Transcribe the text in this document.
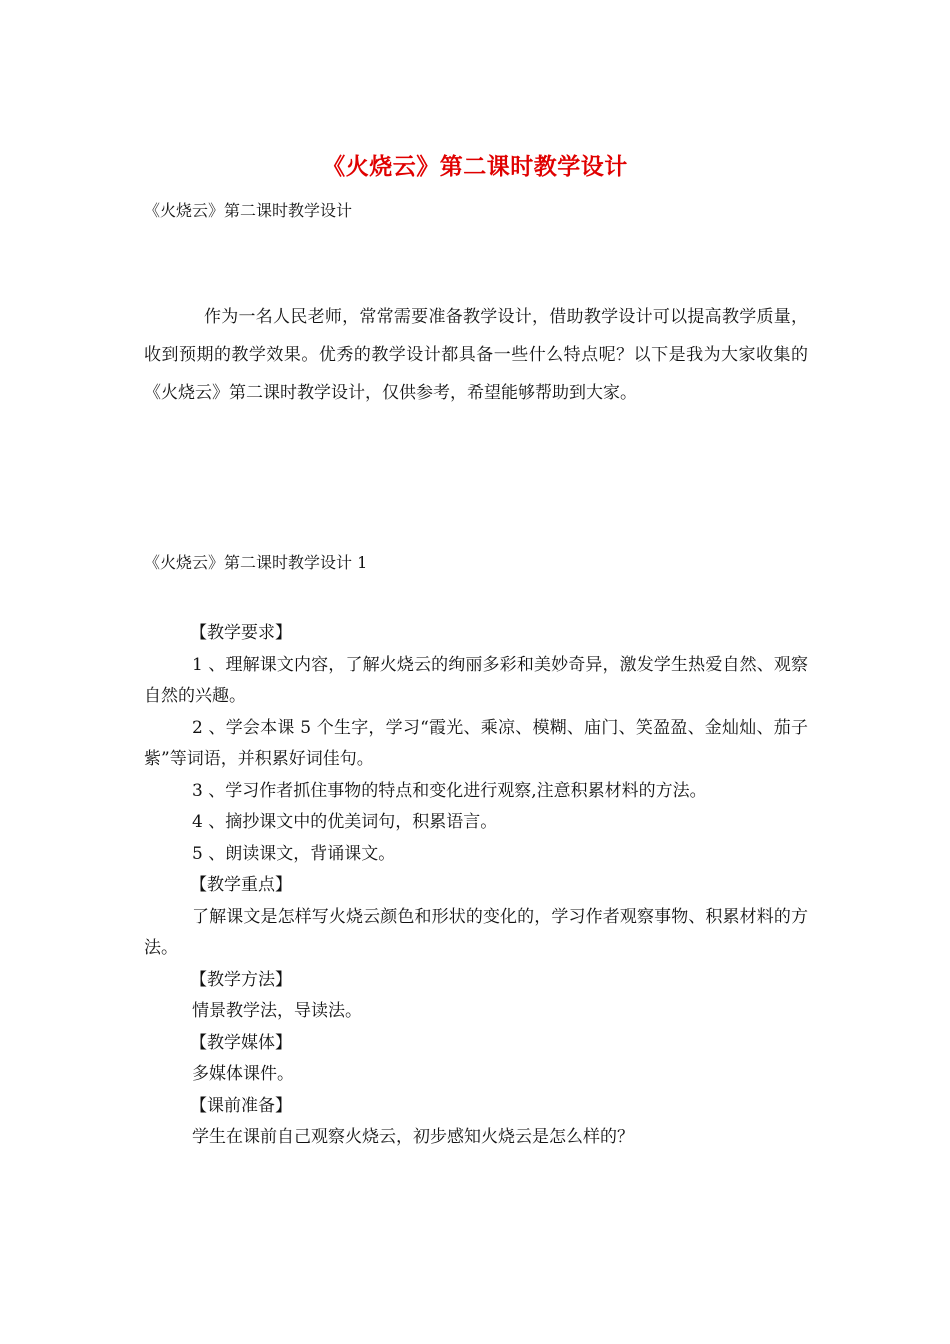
《火烧云》第二课时教学设计
《火烧云》第二课时教学设计

作为一名人民老师，常常需要准备教学设计，借助教学设计可以提高教学质量，收到预期的教学效果。优秀的教学设计都具备一些什么特点呢？以下是我为大家收集的《火烧云》第二课时教学设计，仅供参考，希望能够帮助到大家。

《火烧云》第二课时教学设计 1

【教学要求】

1 、理解课文内容，了解火烧云的绚丽多彩和美妙奇异，激发学生热爱自然、观察自然的兴趣。

2 、学会本课 5 个生字，学习“霞光、乘凉、模糊、庙门、笑盈盈、金灿灿、茄子紫”等词语，并积累好词佳句。

3 、学习作者抓住事物的特点和变化进行观察,注意积累材料的方法。

4 、摘抄课文中的优美词句，积累语言。

5 、朗读课文，背诵课文。

【教学重点】

了解课文是怎样写火烧云颜色和形状的变化的，学习作者观察事物、积累材料的方法。

【教学方法】

情景教学法，导读法。

【教学媒体】

多媒体课件。

【课前准备】

学生在课前自己观察火烧云，初步感知火烧云是怎么样的？
